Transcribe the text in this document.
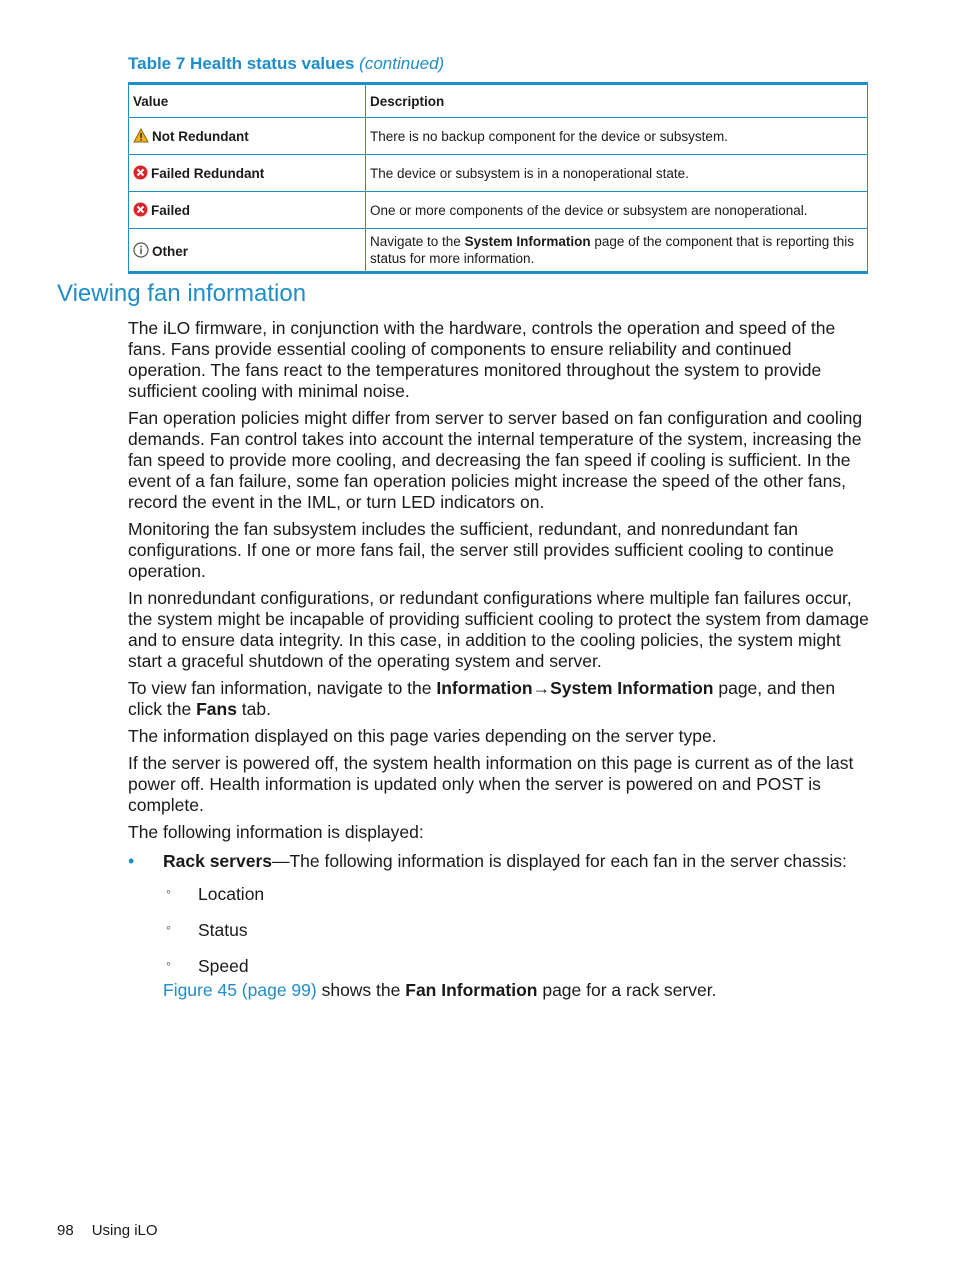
Table 7 Health status values (continued)
Value	Description
Not Redundant	There is no backup component for the device or subsystem.
Failed Redundant	The device or subsystem is in a nonoperational state.
Failed	One or more components of the device or subsystem are nonoperational.
Other	Navigate to the System Information page of the component that is reporting this status for more information.
Viewing fan information

The iLO firmware, in conjunction with the hardware, controls the operation and speed of the fans. Fans provide essential cooling of components to ensure reliability and continued operation. The fans react to the temperatures monitored throughout the system to provide sufficient cooling with minimal noise.

Fan operation policies might differ from server to server based on fan configuration and cooling demands. Fan control takes into account the internal temperature of the system, increasing the fan speed to provide more cooling, and decreasing the fan speed if cooling is sufficient. In the event of a fan failure, some fan operation policies might increase the speed of the other fans, record the event in the IML, or turn LED indicators on.

Monitoring the fan subsystem includes the sufficient, redundant, and nonredundant fan configurations. If one or more fans fail, the server still provides sufficient cooling to continue operation.

In nonredundant configurations, or redundant configurations where multiple fan failures occur, the system might be incapable of providing sufficient cooling to protect the system from damage and to ensure data integrity. In this case, in addition to the cooling policies, the system might start a graceful shutdown of the operating system and server.

To view fan information, navigate to the Information→System Information page, and then click the Fans tab.

The information displayed on this page varies depending on the server type.

If the server is powered off, the system health information on this page is current as of the last power off. Health information is updated only when the server is powered on and POST is complete.

The following information is displayed:

• Rack servers—The following information is displayed for each fan in the server chassis:
◦ Location
◦ Status
◦ Speed

Figure 45 (page 99) shows the Fan Information page for a rack server.

98 Using iLO
